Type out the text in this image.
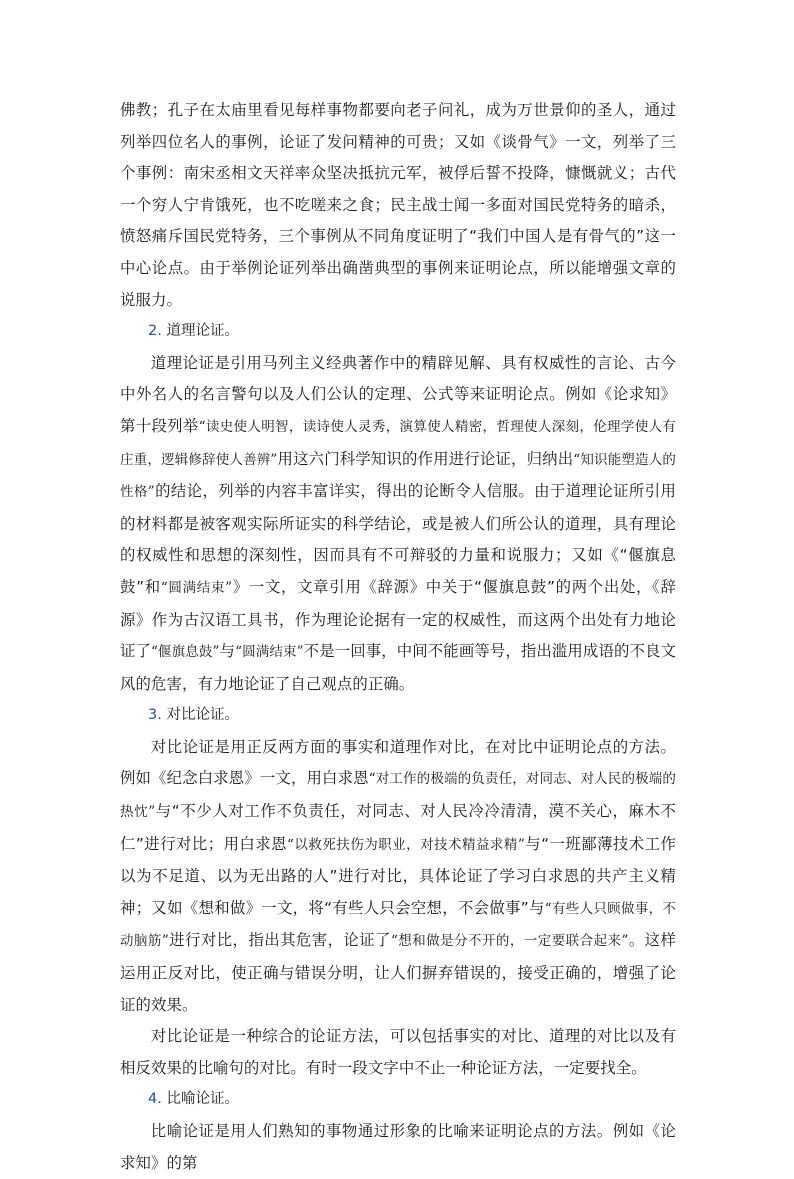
佛教；孔子在太庙里看见每样事物都要向老子问礼，成为万世景仰的圣人，通过列举四位名人的事例，论证了发问精神的可贵；又如《谈骨气》一文，列举了三个事例：南宋丞相文天祥率众坚决抵抗元军，被俘后誓不投降，慷慨就义；古代一个穷人宁肯饿死，也不吃嗟来之食；民主战士闻一多面对国民党特务的暗杀，愤怒痛斥国民党特务，三个事例从不同角度证明了“我们中国人是有骨气的”这一中心论点。由于举例论证列举出确凿典型的事例来证明论点，所以能增强文章的说服力。

2. 道理论证。

道理论证是引用马列主义经典著作中的精辟见解、具有权威性的言论、古今中外名人的名言警句以及人们公认的定理、公式等来证明论点。例如《论求知》第十段列举“读史使人明智，读诗使人灵秀，演算使人精密，哲理使人深刻，伦理学使人有庄重，逻辑修辞使人善辨”用这六门科学知识的作用进行论证，归纳出“知识能塑造人的性格”的结论，列举的内容丰富详实，得出的论断令人信服。由于道理论证所引用的材料都是被客观实际所证实的科学结论，或是被人们所公认的道理，具有理论的权威性和思想的深刻性，因而具有不可辩驳的力量和说服力；又如《“偃旗息鼓”和“圆满结束”》一文，文章引用《辞源》中关于“偃旗息鼓”的两个出处，《辞源》作为古汉语工具书，作为理论论据有一定的权威性，而这两个出处有力地论证了“偃旗息鼓”与“圆满结束”不是一回事，中间不能画等号，指出滥用成语的不良文风的危害，有力地论证了自己观点的正确。

3. 对比论证。

对比论证是用正反两方面的事实和道理作对比，在对比中证明论点的方法。例如《纪念白求恩》一文，用白求恩“对工作的极端的负责任，对同志、对人民的极端的热忱”与“不少人对工作不负责任，对同志、对人民冷冷清清，漠不关心，麻木不仁”进行对比；用白求恩“以救死扶伤为职业，对技术精益求精”与“一班鄙薄技术工作以为不足道、以为无出路的人”进行对比，具体论证了学习白求恩的共产主义精神；又如《想和做》一文，将“有些人只会空想，不会做事”与“有些人只顾做事，不动脑筋”进行对比，指出其危害，论证了“想和做是分不开的，一定要联合起来”。这样运用正反对比，使正确与错误分明，让人们摒弃错误的，接受正确的，增强了论证的效果。

对比论证是一种综合的论证方法，可以包括事实的对比、道理的对比以及有相反效果的比喻句的对比。有时一段文字中不止一种论证方法，一定要找全。

4. 比喻论证。

比喻论证是用人们熟知的事物通过形象的比喻来证明论点的方法。例如《论求知》的第
